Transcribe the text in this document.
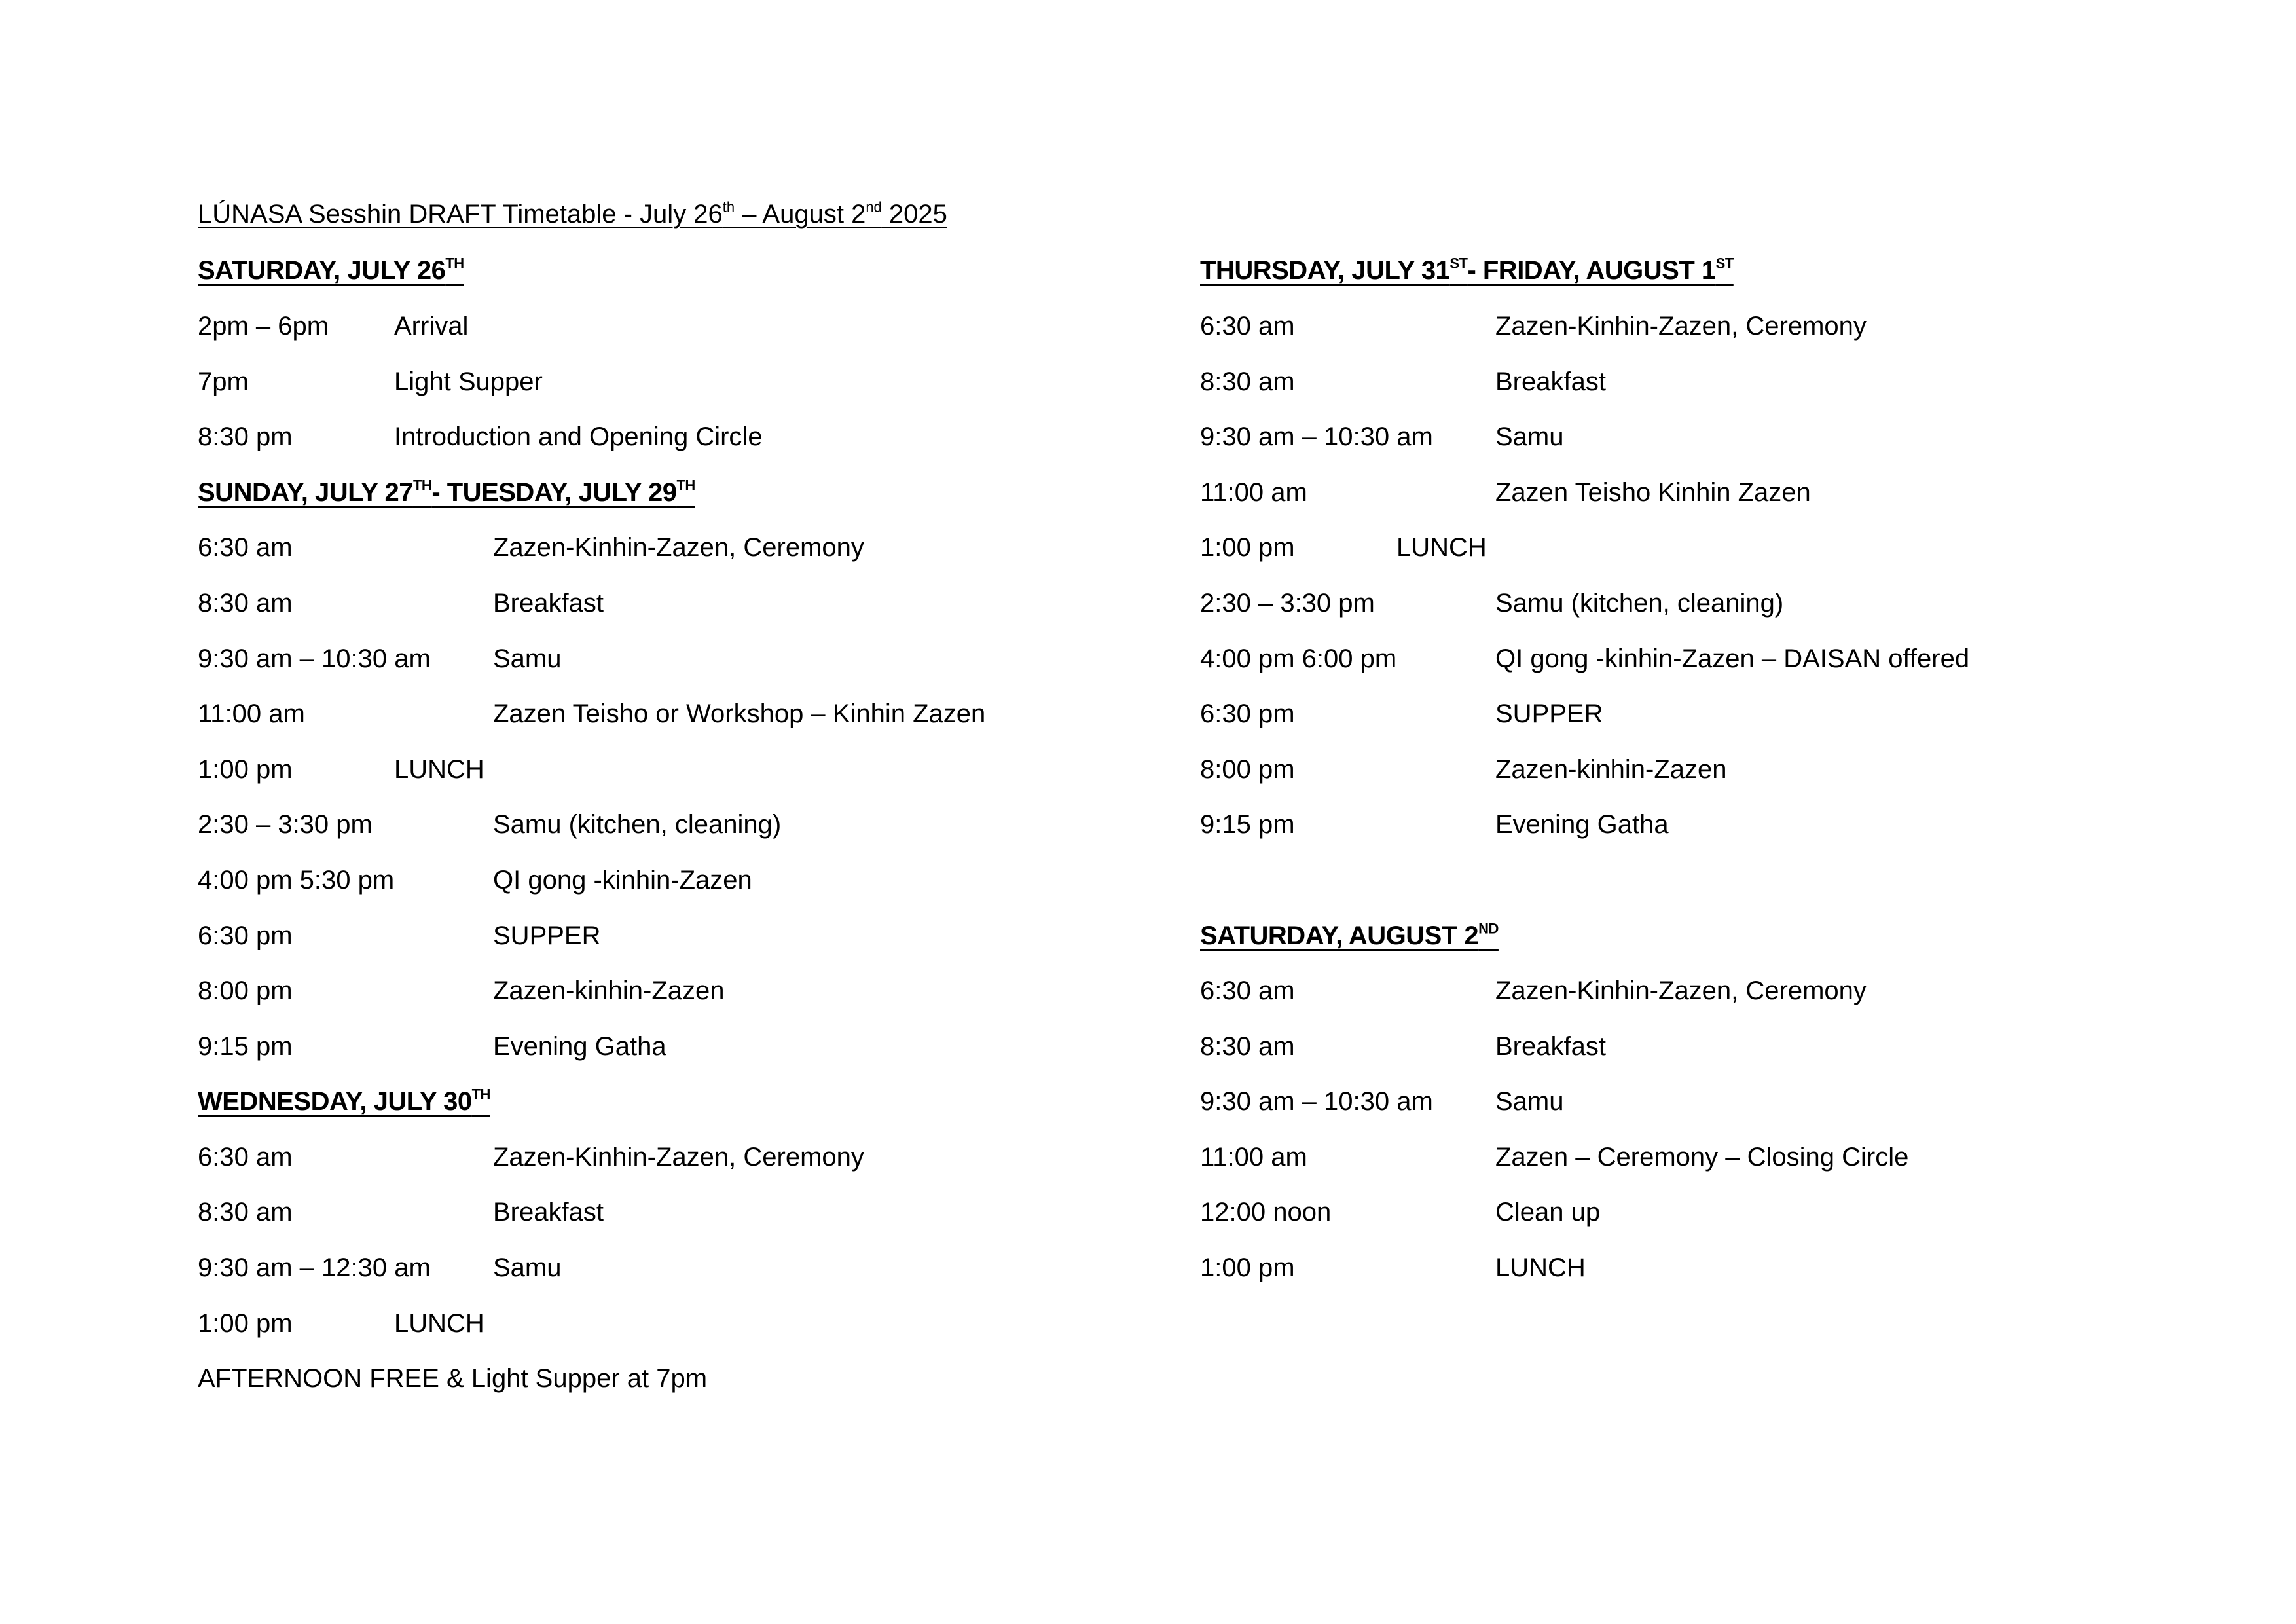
LÚNASA Sesshin DRAFT Timetable - July 26th – August 2nd 2025
SATURDAY, JULY 26TH
2pm – 6pm Arrival
7pm	Light Supper
8:30 pm	Introduction and Opening Circle
SUNDAY, JULY 27TH- TUESDAY, JULY 29TH
6:30 am	Zazen-Kinhin-Zazen, Ceremony
8:30 am	Breakfast
9:30 am – 10:30 am Samu
11:00 am	Zazen Teisho or Workshop – Kinhin Zazen
1:00 pm	LUNCH
2:30 – 3:30 pm	Samu (kitchen, cleaning)
4:00 pm 5:30 pm	QI gong -kinhin-Zazen
6:30 pm	SUPPER
8:00 pm	Zazen-kinhin-Zazen
9:15 pm	Evening Gatha
WEDNESDAY, JULY 30TH
6:30 am	Zazen-Kinhin-Zazen, Ceremony
8:30 am	Breakfast
9:30 am – 12:30 am Samu
1:00 pm	LUNCH
AFTERNOON FREE & Light Supper at 7pm
THURSDAY, JULY 31ST- FRIDAY, AUGUST 1ST
6:30 am	Zazen-Kinhin-Zazen, Ceremony
8:30 am	Breakfast
9:30 am – 10:30 am Samu
11:00 am	Zazen Teisho Kinhin Zazen
1:00 pm	LUNCH
2:30 – 3:30 pm	Samu (kitchen, cleaning)
4:00 pm 6:00 pm	QI gong -kinhin-Zazen – DAISAN offered
6:30 pm	SUPPER
8:00 pm	Zazen-kinhin-Zazen
9:15 pm	Evening Gatha
SATURDAY, AUGUST 2ND
6:30 am	Zazen-Kinhin-Zazen, Ceremony
8:30 am	Breakfast
9:30 am – 10:30 am Samu
11:00 am	Zazen – Ceremony – Closing Circle
12:00 noon	Clean up
1:00 pm	LUNCH
